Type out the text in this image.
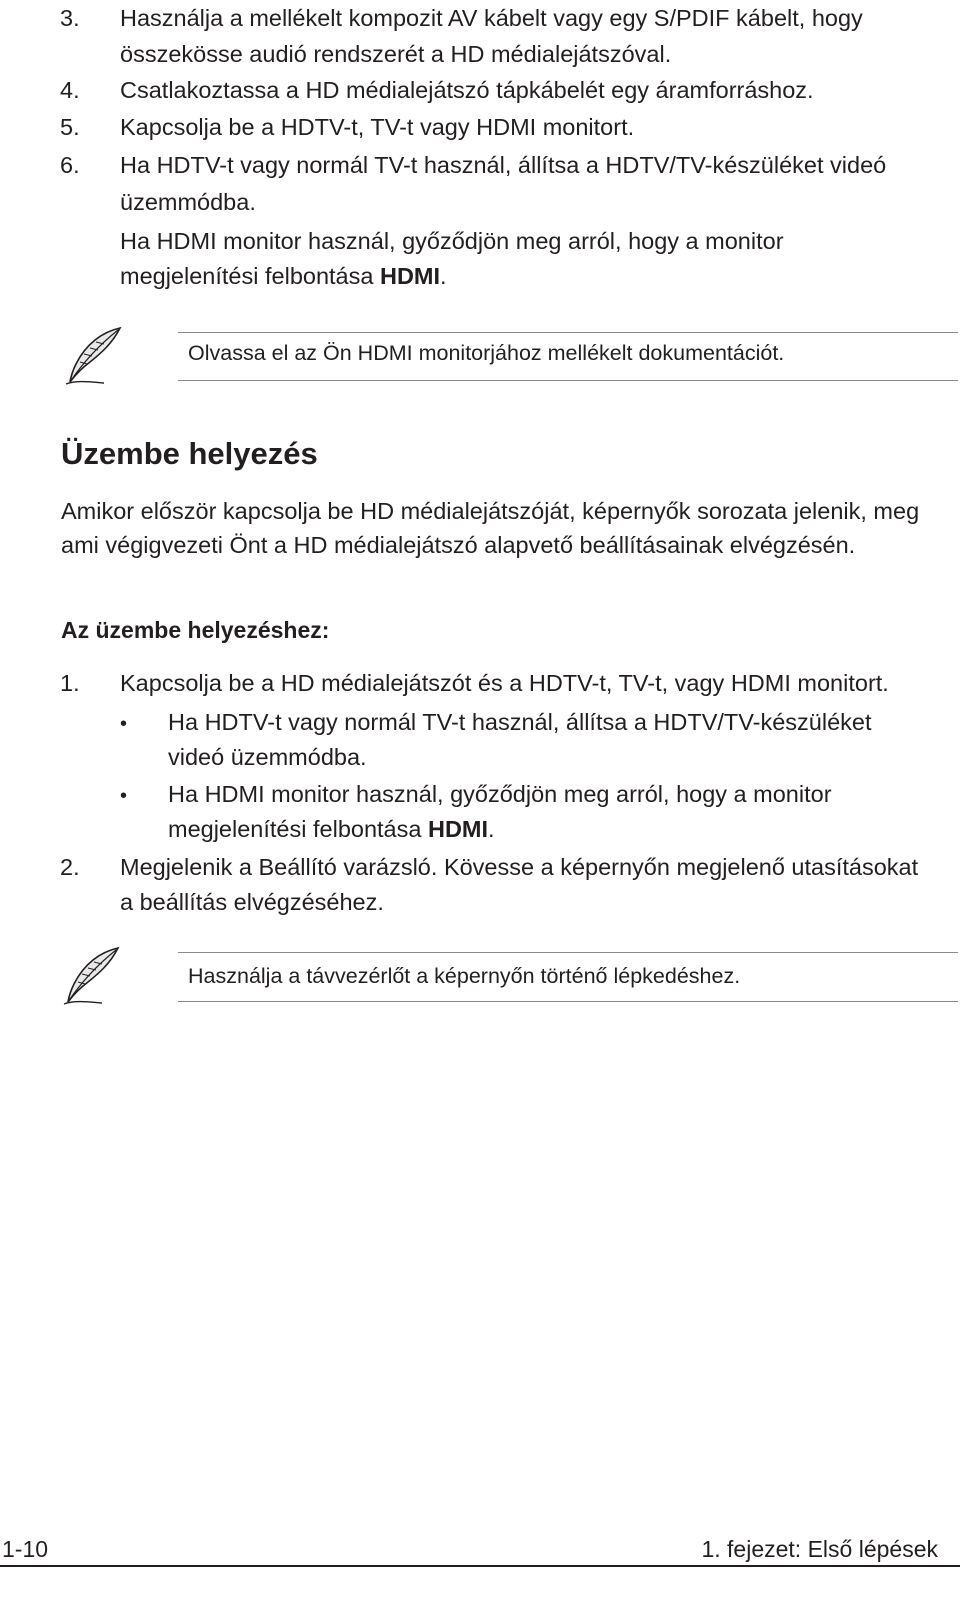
3. Használja a mellékelt kompozit AV kábelt vagy egy S/PDIF kábelt, hogy
összekösse audió rendszerét a HD médialejátszóval.
4. Csatlakoztassa a HD médialejátszó tápkábelét egy áramforráshoz.
5. Kapcsolja be a HDTV-t, TV-t vagy HDMI monitort.
6. Ha HDTV-t vagy normál TV-t használ, állítsa a HDTV/TV-készüléket videó
üzemmódba.
Ha HDMI monitor használ, győződjön meg arról, hogy a monitor
megjelenítési felbontása HDMI.
Olvassa el az Ön HDMI monitorjához mellékelt dokumentációt.
Üzembe helyezés
Amikor először kapcsolja be HD médialejátszóját, képernyők sorozata jelenik, meg
ami végigvezeti Önt a HD médialejátszó alapvető beállításainak elvégzésén.
Az üzembe helyezéshez:
1. Kapcsolja be a HD médialejátszót és a HDTV-t, TV-t, vagy HDMI monitort.
• Ha HDTV-t vagy normál TV-t használ, állítsa a HDTV/TV-készüléket
videó üzemmódba.
• Ha HDMI monitor használ, győződjön meg arról, hogy a monitor
megjelenítési felbontása HDMI.
2. Megjelenik a Beállító varázsló. Kövesse a képernyőn megjelenő utasításokat
a beállítás elvégzéséhez.
Használja a távvezérlőt a képernyőn történő lépkedéshez.
1-10	1. fejezet: Első lépések
